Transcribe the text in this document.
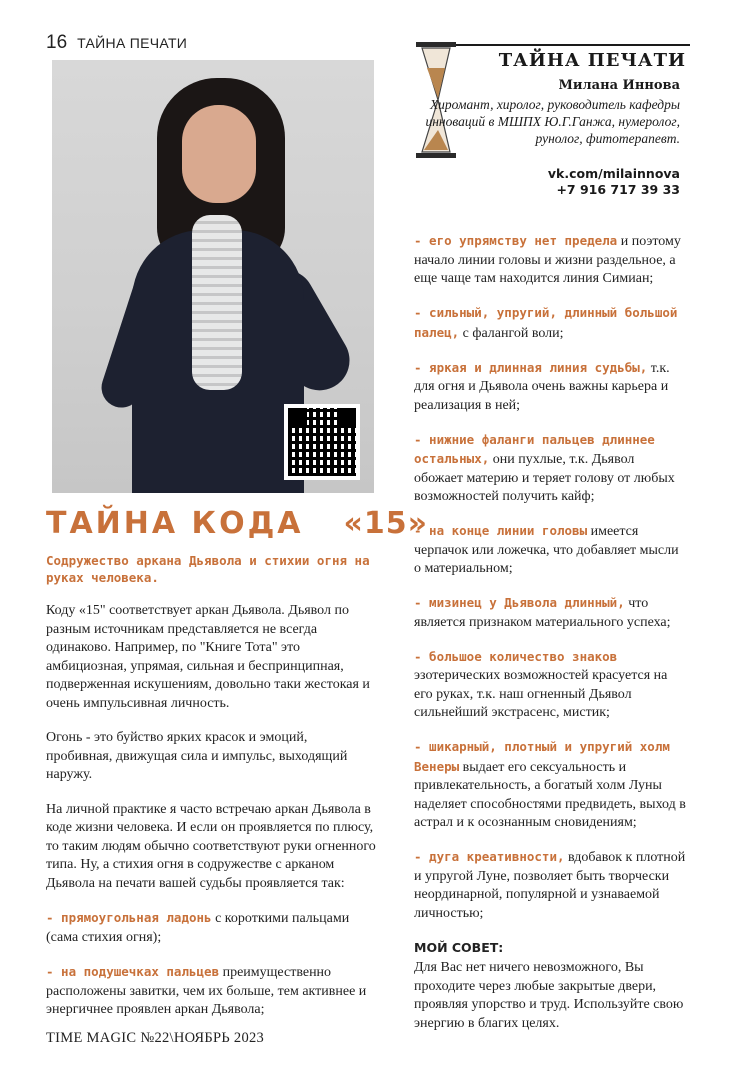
16 ТАЙНА ПЕЧАТИ
ТАЙНА ПЕЧАТИ
Милана Иннова
Хиромант, хиролог, руководитель кафедры инноваций в МШПХ Ю.Г.Ганжа, нумеролог, рунолог, фитотерапевт.
vk.com/milainnova
+7 916 717 39 33
ТАЙНА КОДА «15»
Содружество аркана Дьявола и стихии огня на руках человека.

Коду «15" соответствует аркан Дьявола. Дьявол по разным источникам представляется не всегда одинаково. Например, по "Книге Тота" это амбициозная, упрямая, сильная и беспринципная, подверженная искушениям, довольно таки жестокая и очень импульсивная личность.

Огонь - это буйство ярких красок и эмоций, пробивная, движущая сила и импульс, выходящий наружу.

На личной практике я часто встречаю аркан Дьявола в коде жизни человека. И если он проявляется по плюсу, то таким людям обычно соответствуют руки огненного типа. Ну, а стихия огня в содружестве с арканом Дьявола на печати вашей судьбы проявляется так:

- прямоугольная ладонь с короткими пальцами (сама стихия огня);

- на подушечках пальцев преимущественно расположены завитки, чем их больше, тем активнее и энергичнее проявлен аркан Дьявола;

- его упрямству нет предела и поэтому начало линии головы и жизни раздельное, а еще чаще там находится линия Симиан;

- сильный, упругий, длинный большой палец, с фалангой воли;

- яркая и длинная линия судьбы, т.к. для огня и Дьявола очень важны карьера и реализация в ней;

- нижние фаланги пальцев длиннее остальных, они пухлые, т.к. Дьявол обожает материю и теряет голову от любых возможностей получить кайф;

- на конце линии головы имеется черпачок или ложечка, что добавляет мысли о материальном;

- мизинец у Дьявола длинный, что является признаком материального успеха;

- большое количество знаков эзотерических возможностей красуется на его руках, т.к. наш огненный Дьявол сильнейший экстрасенс, мистик;

- шикарный, плотный и упругий холм Венеры выдает его сексуальность и привлекательность, а богатый холм Луны наделяет способностями предвидеть, выход в астрал и к осознанным сновидениям;

- дуга креативности, вдобавок к плотной и упругой Луне, позволяет быть творчески неординарной, популярной и узнаваемой личностью;

МОЙ СОВЕТ:
Для Вас нет ничего невозможного, Вы проходите через любые закрытые двери, проявляя упорство и труд. Используйте свою энергию в благих целях.
TIME MAGIC №22\НОЯБРЬ 2023
